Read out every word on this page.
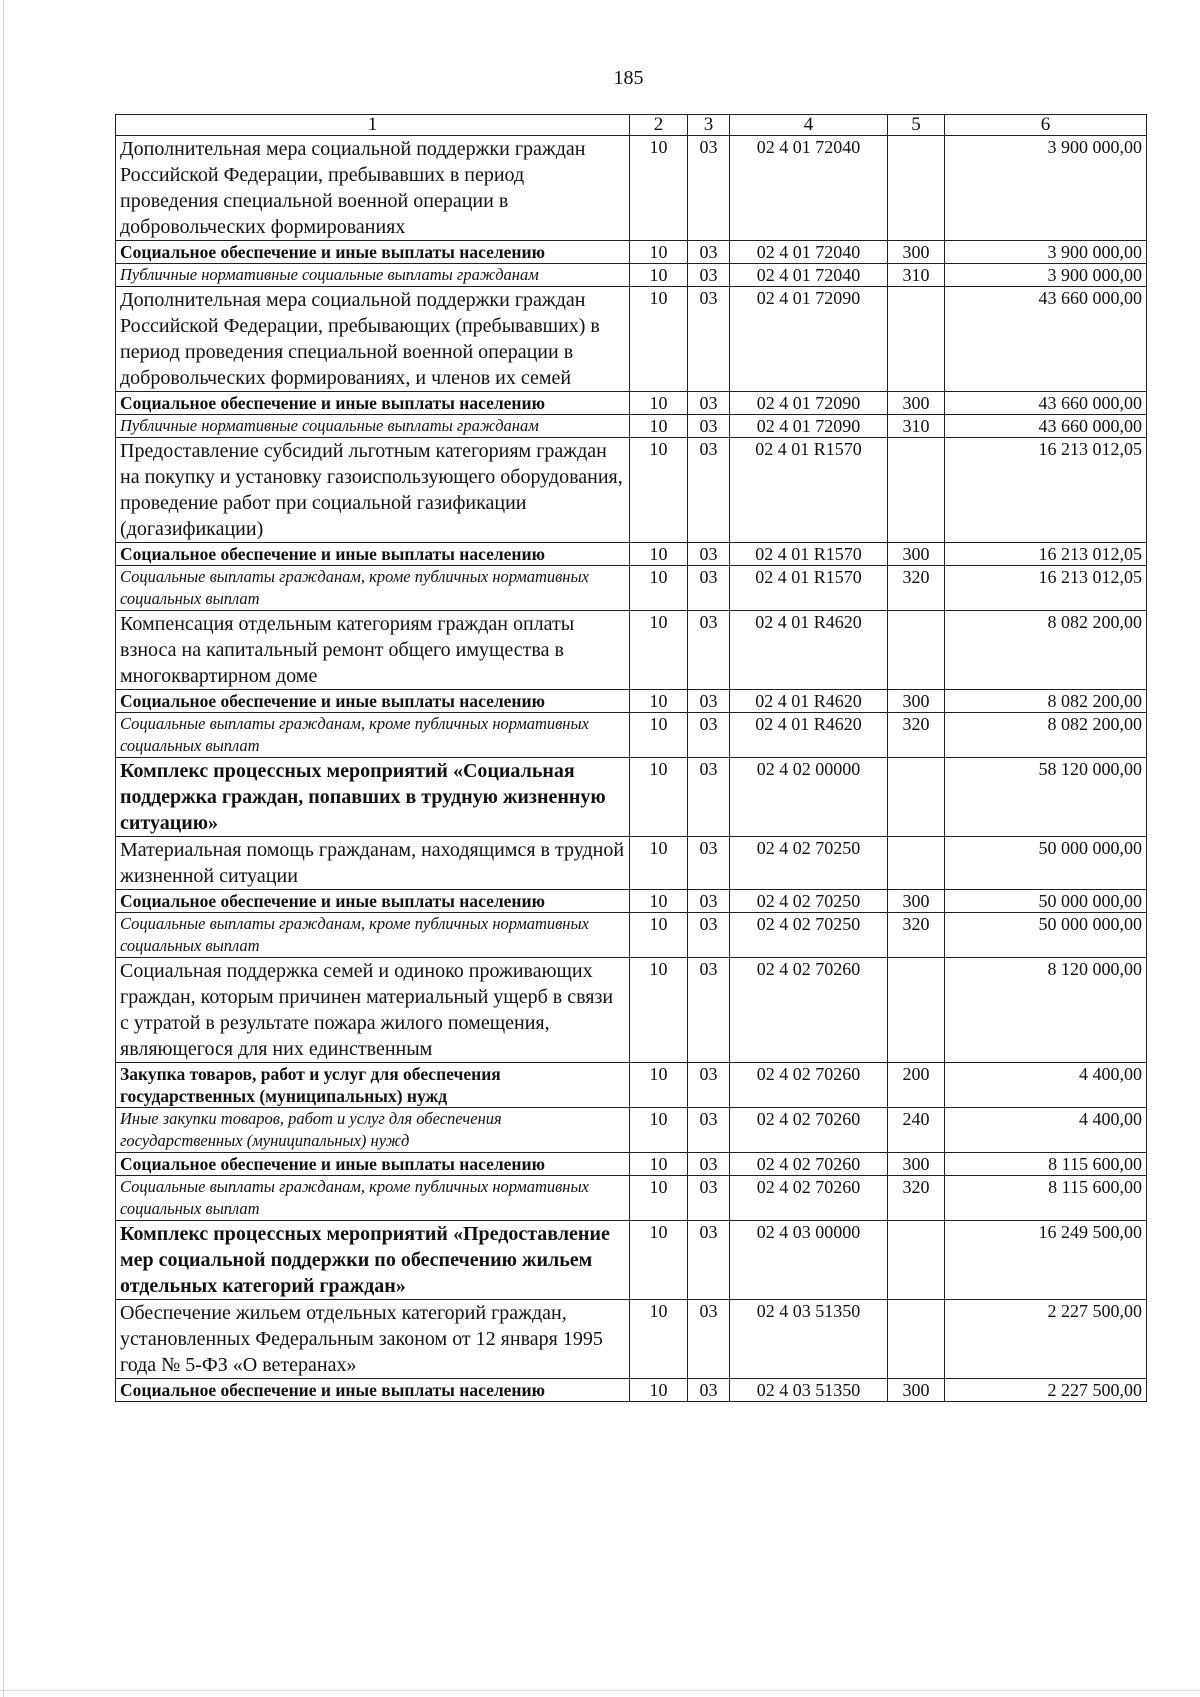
185
1	2	3	4	5	6
Дополнительная мера социальной поддержки граждан Российской Федерации, пребывавших в период проведения специальной военной операции в добровольческих формированиях	10	03	02 4 01 72040		3 900 000,00
Социальное обеспечение и иные выплаты населению	10	03	02 4 01 72040	300	3 900 000,00
Публичные нормативные социальные выплаты гражданам	10	03	02 4 01 72040	310	3 900 000,00
Дополнительная мера социальной поддержки граждан Российской Федерации, пребывающих (пребывавших) в период проведения специальной военной операции в добровольческих формированиях, и членов их семей	10	03	02 4 01 72090		43 660 000,00
Социальное обеспечение и иные выплаты населению	10	03	02 4 01 72090	300	43 660 000,00
Публичные нормативные социальные выплаты гражданам	10	03	02 4 01 72090	310	43 660 000,00
Предоставление субсидий льготным категориям граждан на покупку и установку газоиспользующего оборудования, проведение работ при социальной газификации (догазификации)	10	03	02 4 01 R1570		16 213 012,05
Социальное обеспечение и иные выплаты населению	10	03	02 4 01 R1570	300	16 213 012,05
Социальные выплаты гражданам, кроме публичных нормативных социальных выплат	10	03	02 4 01 R1570	320	16 213 012,05
Компенсация отдельным категориям граждан оплаты взноса на капитальный ремонт общего имущества в многоквартирном доме	10	03	02 4 01 R4620		8 082 200,00
Социальное обеспечение и иные выплаты населению	10	03	02 4 01 R4620	300	8 082 200,00
Социальные выплаты гражданам, кроме публичных нормативных социальных выплат	10	03	02 4 01 R4620	320	8 082 200,00
Комплекс процессных мероприятий «Социальная поддержка граждан, попавших в трудную жизненную ситуацию»	10	03	02 4 02 00000		58 120 000,00
Материальная помощь гражданам, находящимся в трудной жизненной ситуации	10	03	02 4 02 70250		50 000 000,00
Социальное обеспечение и иные выплаты населению	10	03	02 4 02 70250	300	50 000 000,00
Социальные выплаты гражданам, кроме публичных нормативных социальных выплат	10	03	02 4 02 70250	320	50 000 000,00
Социальная поддержка семей и одиноко проживающих граждан, которым причинен материальный ущерб в связи с утратой в результате пожара жилого помещения, являющегося для них единственным	10	03	02 4 02 70260		8 120 000,00
Закупка товаров, работ и услуг для обеспечения государственных (муниципальных) нужд	10	03	02 4 02 70260	200	4 400,00
Иные закупки товаров, работ и услуг для обеспечения государственных (муниципальных) нужд	10	03	02 4 02 70260	240	4 400,00
Социальное обеспечение и иные выплаты населению	10	03	02 4 02 70260	300	8 115 600,00
Социальные выплаты гражданам, кроме публичных нормативных социальных выплат	10	03	02 4 02 70260	320	8 115 600,00
Комплекс процессных мероприятий «Предоставление мер социальной поддержки по обеспечению жильем отдельных категорий граждан»	10	03	02 4 03 00000		16 249 500,00
Обеспечение жильем отдельных категорий граждан, установленных Федеральным законом от 12 января 1995 года № 5-ФЗ «О ветеранах»	10	03	02 4 03 51350		2 227 500,00
Социальное обеспечение и иные выплаты населению	10	03	02 4 03 51350	300	2 227 500,00
